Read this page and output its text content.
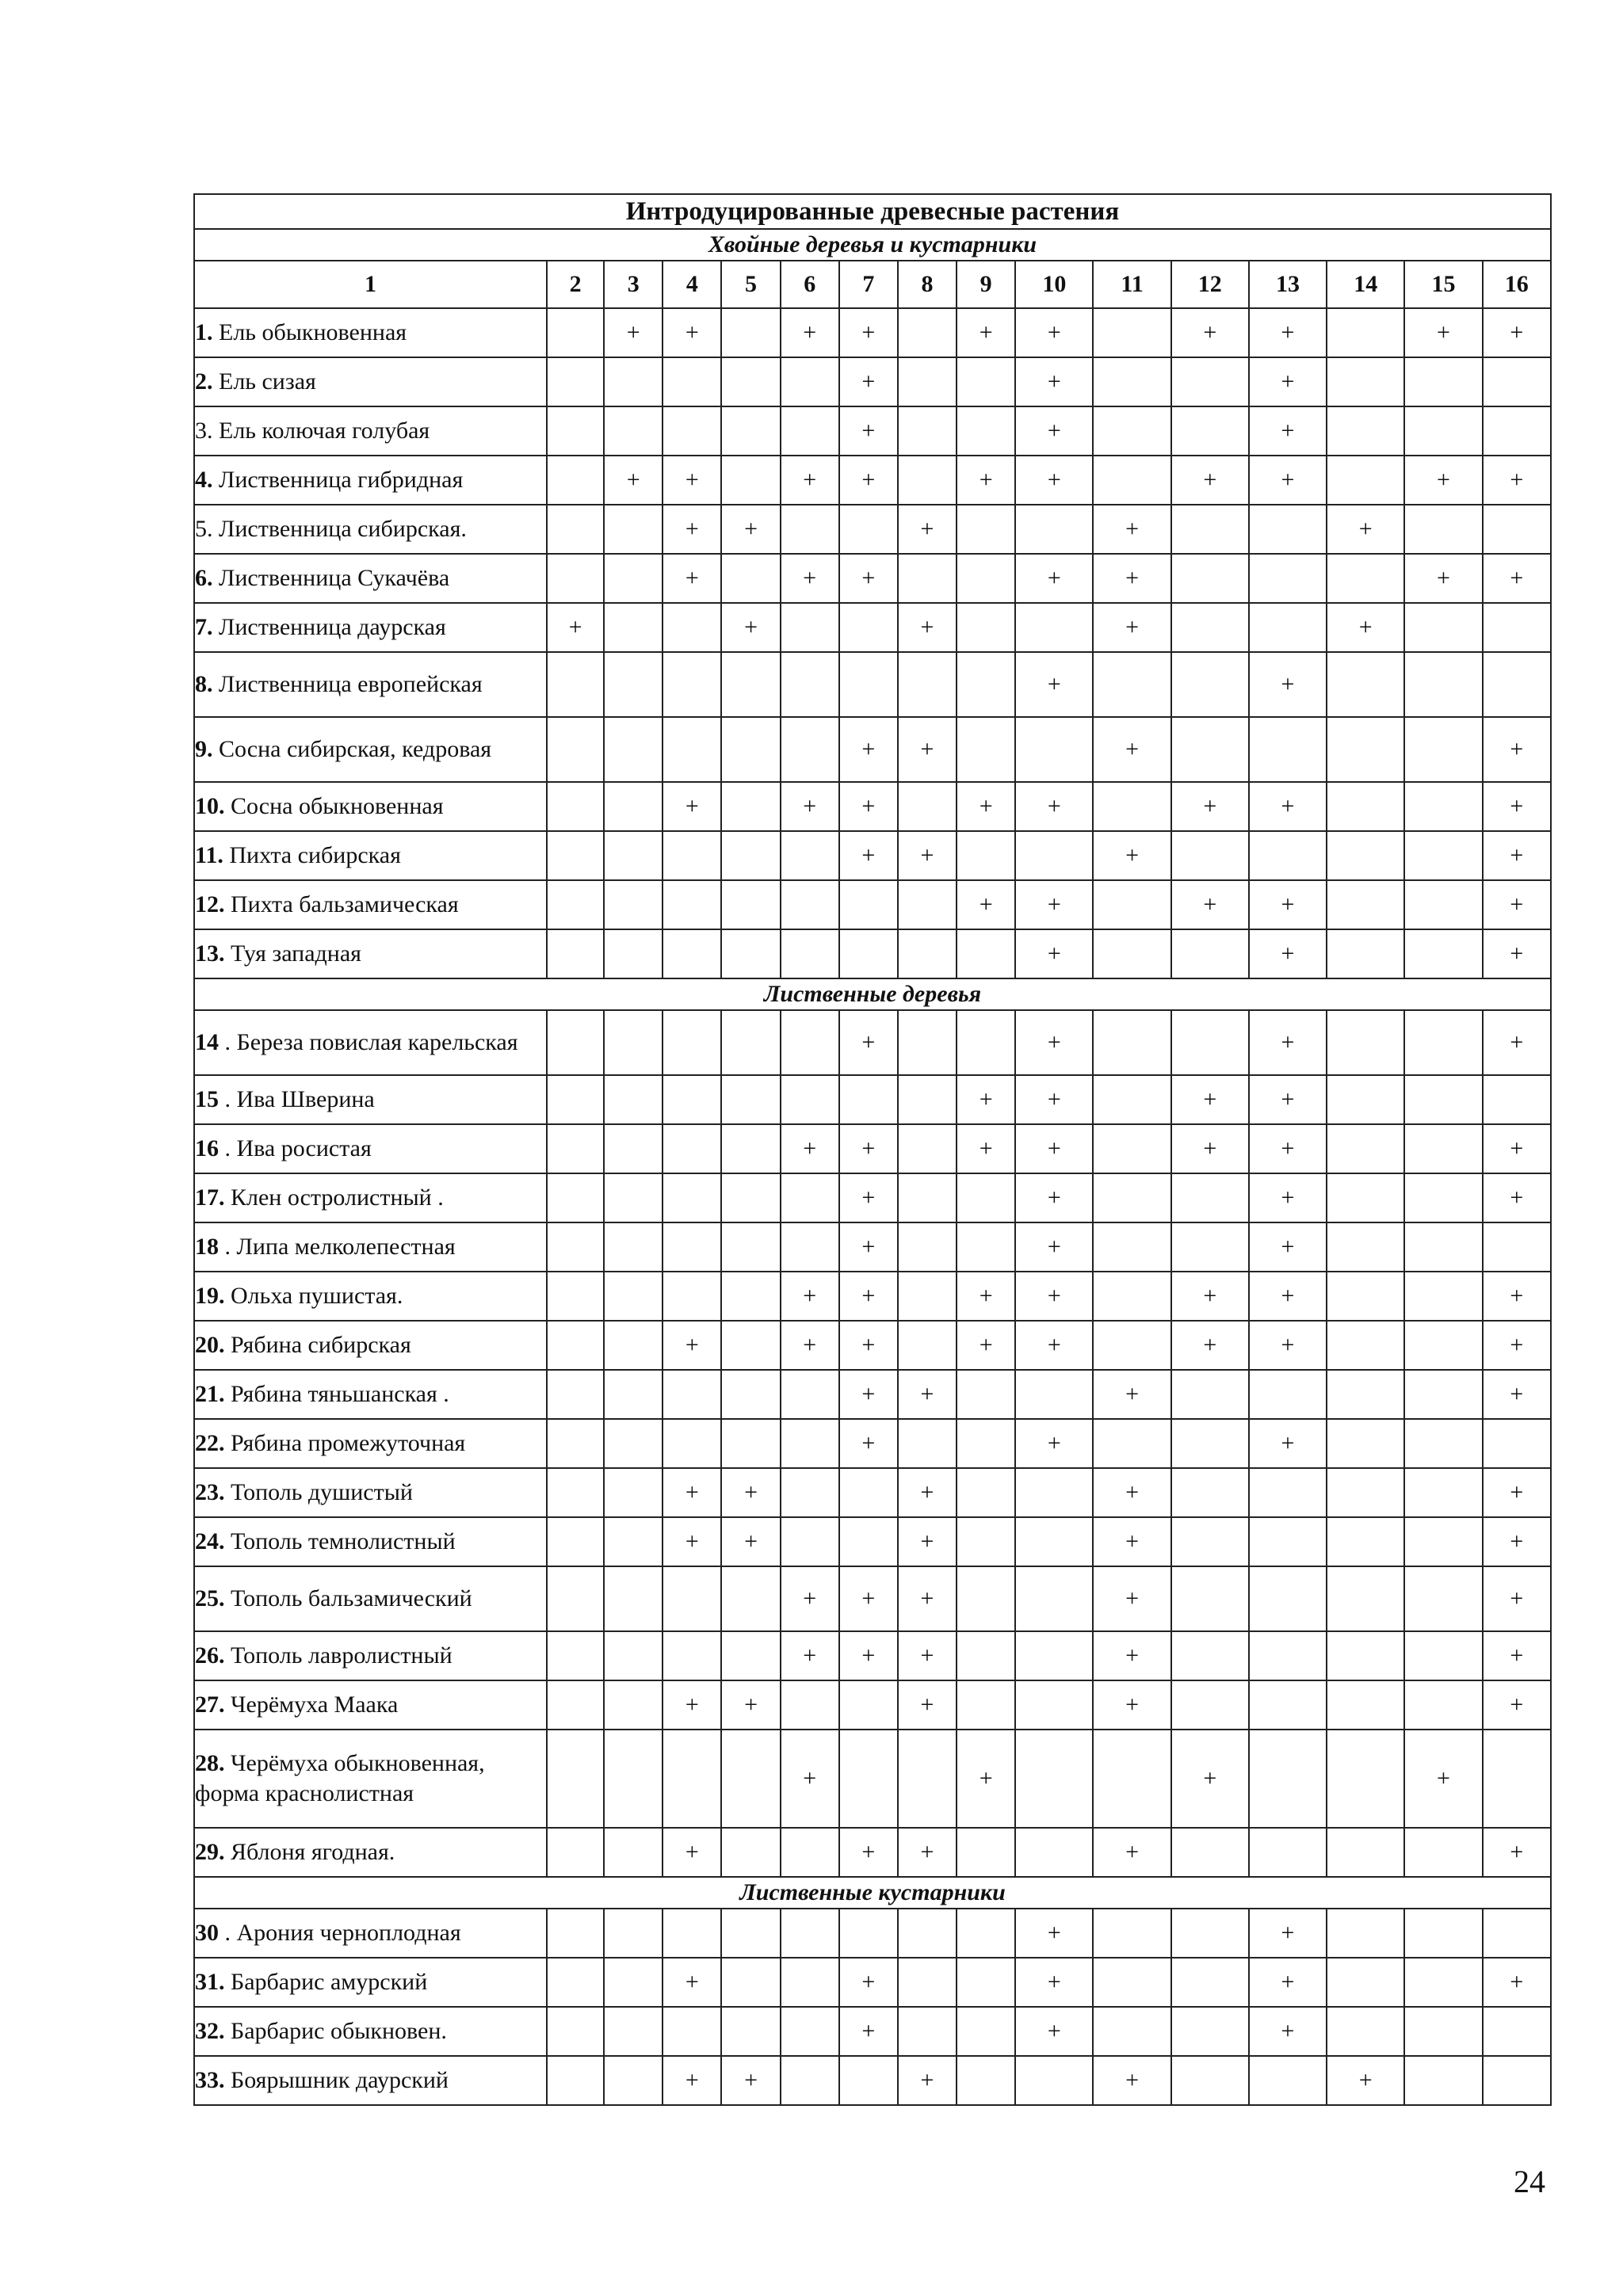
Интродуцированные древесные растения															
Хвойные деревья и кустарники															
1	2	3	4	5	6	7	8	9	10	11	12	13	14	15	16
1. Ель обыкновенная		+	+		+	+		+	+		+	+		+	+
2. Ель сизая						+			+			+			
3. Ель колючая голубая						+			+			+			
4. Лиственница гибридная		+	+		+	+		+	+		+	+		+	+
5. Лиственница сибирская.			+	+			+			+			+		
6. Лиственница Сукачёва			+		+	+			+	+				+	+
7. Лиственница даурская	+			+			+			+			+		
8. Лиственница европейская									+			+			
9. Сосна сибирская, кедровая						+	+			+					+
10. Сосна обыкновенная			+		+	+		+	+		+	+			+
11. Пихта сибирская						+	+			+					+
12. Пихта бальзамическая								+	+		+	+			+
13. Туя западная									+			+			+
Лиственные деревья															
14 . Береза повислая карельская						+			+			+			+
15 . Ива Шверина								+	+		+	+			
16 . Ива росистая					+	+		+	+		+	+			+
17. Клен остролистный .						+			+			+			+
18 . Липа мелколепестная						+			+			+			
19. Ольха пушистая.					+	+		+	+		+	+			+
20. Рябина сибирская			+		+	+		+	+		+	+			+
21. Рябина тяньшанская .						+	+			+					+
22. Рябина промежуточная						+			+			+			
23. Тополь душистый			+	+			+			+					+
24. Тополь темнолистный			+	+			+			+					+
25. Тополь бальзамический					+	+	+			+					+
26. Тополь лавролистный					+	+	+			+					+
27. Черёмуха Маака			+	+			+			+					+
28. Черёмуха обыкновенная, форма краснолистная					+			+			+			+	
29. Яблоня ягодная.			+			+	+			+					+
Лиственные кустарники															
30 . Арония черноплодная									+			+			
31. Барбарис амурский			+			+			+			+			+
32. Барбарис обыкновен.						+			+			+			
33. Боярышник даурский			+	+			+			+			+		
24
